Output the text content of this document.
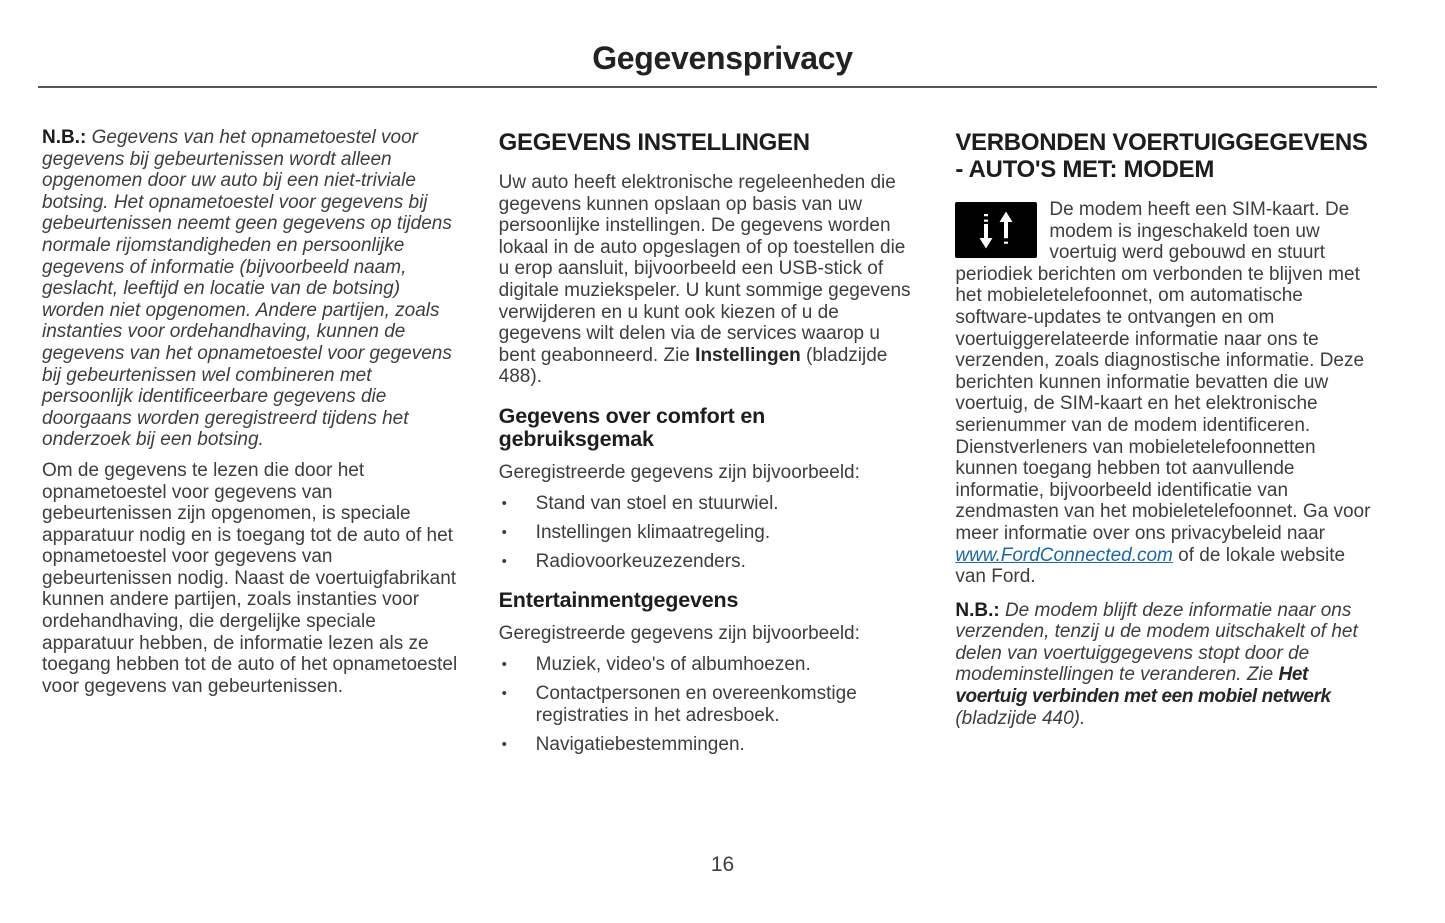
Gegevensprivacy

N.B.: Gegevens van het opnametoestel voor gegevens bij gebeurtenissen wordt alleen opgenomen door uw auto bij een niet-triviale botsing. Het opnametoestel voor gegevens bij gebeurtenissen neemt geen gegevens op tijdens normale rijomstandigheden en persoonlijke gegevens of informatie (bijvoorbeeld naam, geslacht, leeftijd en locatie van de botsing) worden niet opgenomen. Andere partijen, zoals instanties voor ordehandhaving, kunnen de gegevens van het opnametoestel voor gegevens bij gebeurtenissen wel combineren met persoonlijk identificeerbare gegevens die doorgaans worden geregistreerd tijdens het onderzoek bij een botsing.

Om de gegevens te lezen die door het opnametoestel voor gegevens van gebeurtenissen zijn opgenomen, is speciale apparatuur nodig en is toegang tot de auto of het opnametoestel voor gegevens van gebeurtenissen nodig. Naast de voertuigfabrikant kunnen andere partijen, zoals instanties voor ordehandhaving, die dergelijke speciale apparatuur hebben, de informatie lezen als ze toegang hebben tot de auto of het opnametoestel voor gegevens van gebeurtenissen.

GEGEVENS INSTELLINGEN

Uw auto heeft elektronische regeleenheden die gegevens kunnen opslaan op basis van uw persoonlijke instellingen. De gegevens worden lokaal in de auto opgeslagen of op toestellen die u erop aansluit, bijvoorbeeld een USB-stick of digitale muziekspeler. U kunt sommige gegevens verwijderen en u kunt ook kiezen of u de gegevens wilt delen via de services waarop u bent geabonneerd. Zie Instellingen (bladzijde 488).

Gegevens over comfort en gebruiksgemak

Geregistreerde gegevens zijn bijvoorbeeld:

• Stand van stoel en stuurwiel.
• Instellingen klimaatregeling.
• Radiovoorkeuzezenders.
Entertainmentgegevens

Geregistreerde gegevens zijn bijvoorbeeld:

• Muziek, video's of albumhoezen.
• Contactpersonen en overeenkomstige registraties in het adresboek.
• Navigatiebestemmingen.
VERBONDEN VOERTUIGGEGEVENS - AUTO'S MET: MODEM

De modem heeft een SIM-kaart. De modem is ingeschakeld toen uw voertuig werd gebouwd en stuurt periodiek berichten om verbonden te blijven met het mobieletelefoonnet, om automatische software-updates te ontvangen en om voertuiggerelateerde informatie naar ons te verzenden, zoals diagnostische informatie. Deze berichten kunnen informatie bevatten die uw voertuig, de SIM-kaart en het elektronische serienummer van de modem identificeren. Dienstverleners van mobieletelefoonnetten kunnen toegang hebben tot aanvullende informatie, bijvoorbeeld identificatie van zendmasten van het mobieletelefoonnet. Ga voor meer informatie over ons privacybeleid naar www.FordConnected.com of de lokale website van Ford.

N.B.: De modem blijft deze informatie naar ons verzenden, tenzij u de modem uitschakelt of het delen van voertuiggegevens stopt door de modeminstellingen te veranderen. Zie Het voertuig verbinden met een mobiel netwerk (bladzijde 440).

16
